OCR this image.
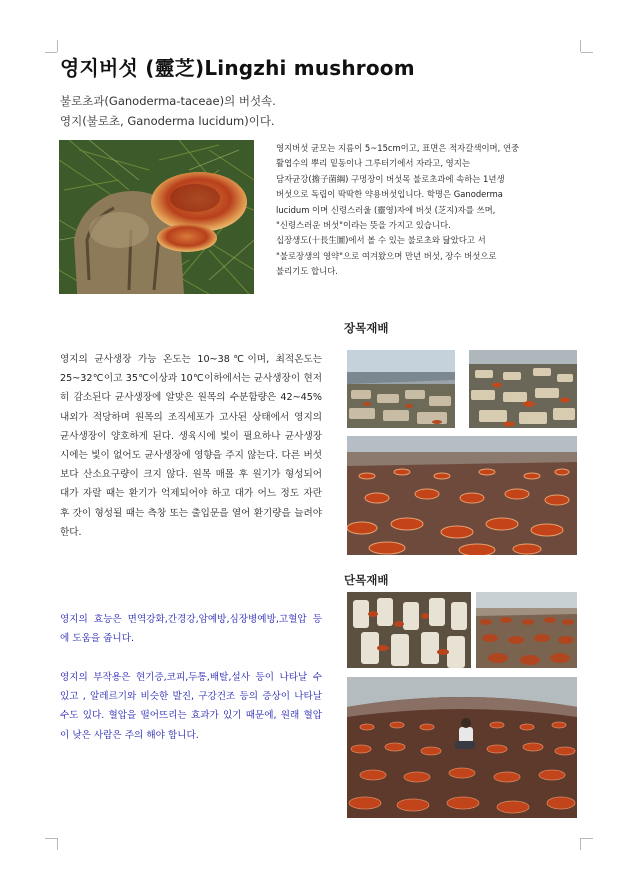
영지버섯 (靈芝)Lingzhi mushroom
불로초과(Ganoderma-taceae)의 버섯속.
영지(불로초, Ganoderma lucidum)이다.
영지버섯 균모는 지름이 5~15cm이고, 표면은 적자갈색이며, 연중
활엽수의 뿌리 밑동이나 그루터기에서 자라고, 영지는
담자균강(擔子菌綱) 구멍장이 버섯목 불로초과에 속하는 1년생
버섯으로 독립이 딱딱한 약용버섯입니다. 학명은 Ganoderma
lucidum 이며 신령스러울 (靈영)자에 버섯 (芝지)자를 쓰며,
"신령스러운 버섯"이라는 뜻을 가지고 있습니다.
십장생도(十長生圖)에서 볼 수 있는 불로초와 닮았다고 서
"불로장생의 영약"으로 여겨왔으며 만년 버섯, 장수 버섯으로
불리기도 합니다.
장목재배
영지의 균사생장 가능 온도는 10~38℃이며, 최적온도는 25~32℃이고 35℃이상과 10℃이하에서는 균사생장이 현저히 감소된다 균사생장에 알맞은 원목의 수분함량은 42~45%내외가 적당하며 원목의 조직세포가 고사된 상태에서 영지의 균사생장이 양호하게 된다. 생육시에 빛이 필요하나 균사생장시에는 빛이 없어도 균사생장에 영향을 주지 않는다. 다른 버섯보다 산소요구량이 크지 않다. 원목 매몰 후 원기가 형성되어 대가 자랄 때는 환기가 억제되어야 하고 대가 어느 정도 자란 후 갓이 형성될 때는 측창 또는 출입문을 열어 환기량을 늘려야 한다.
단목재배
영지의 효능은 면역강화,간경강,암예방,심장병예방,고혈압 등에 도움을 줍니다.
영지의 부작용은 현기증,코피,두통,배탈,설사 등이 나타날 수 있고 , 알레르기와 비슷한 발진, 구강건조 등의 증상이 나타날 수도 있다. 혈압을 떨어뜨리는 효과가 있기 때문에, 원래 혈압이 낮은 사람은 주의 해야 합니다.
